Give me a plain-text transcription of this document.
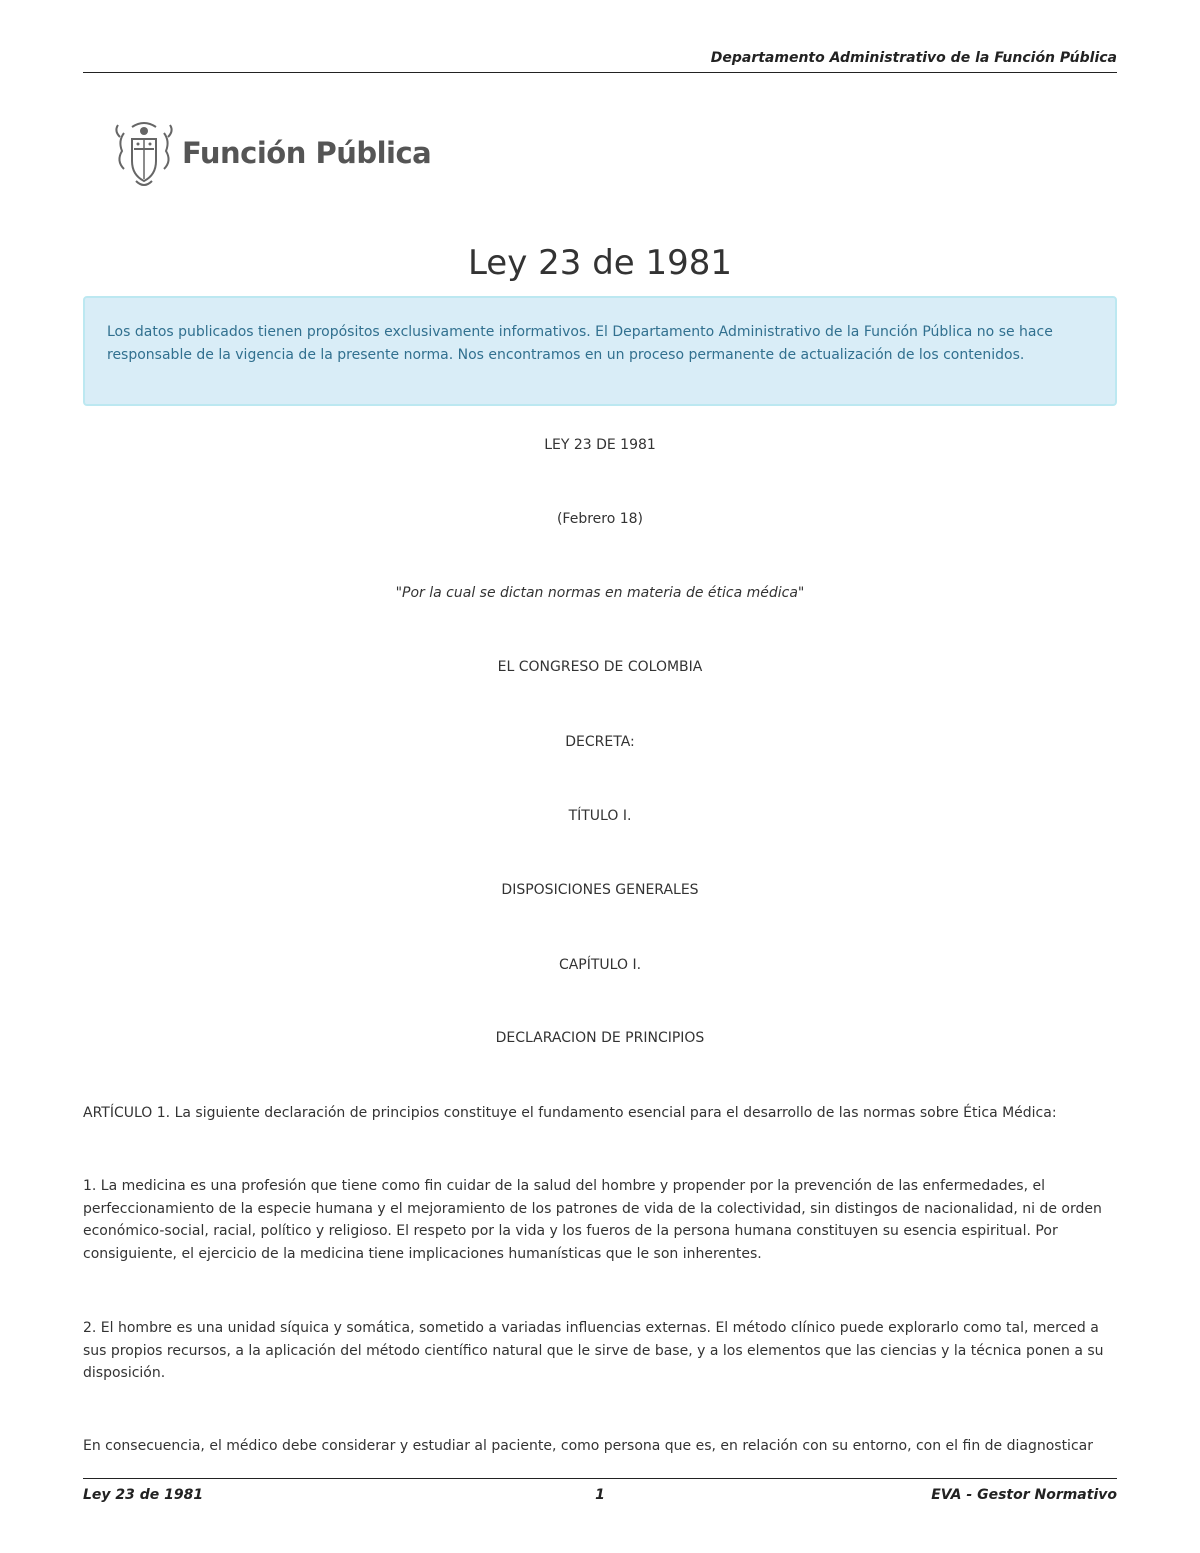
Departamento Administrativo de la Función Pública
Función Pública
Ley 23 de 1981
Los datos publicados tienen propósitos exclusivamente informativos. El Departamento Administrativo de la Función Pública no se hace responsable de la vigencia de la presente norma. Nos encontramos en un proceso permanente de actualización de los contenidos.
LEY 23 DE 1981
(Febrero 18)
"Por la cual se dictan normas en materia de ética médica"
EL CONGRESO DE COLOMBIA
DECRETA:
TÍTULO I.
DISPOSICIONES GENERALES
CAPÍTULO I.
DECLARACION DE PRINCIPIOS
ARTÍCULO 1. La siguiente declaración de principios constituye el fundamento esencial para el desarrollo de las normas sobre Ética Médica:
1. La medicina es una profesión que tiene como fin cuidar de la salud del hombre y propender por la prevención de las enfermedades, el perfeccionamiento de la especie humana y el mejoramiento de los patrones de vida de la colectividad, sin distingos de nacionalidad, ni de orden económico-social, racial, político y religioso. El respeto por la vida y los fueros de la persona humana constituyen su esencia espiritual. Por consiguiente, el ejercicio de la medicina tiene implicaciones humanísticas que le son inherentes.
2. El hombre es una unidad síquica y somática, sometido a variadas influencias externas. El método clínico puede explorarlo como tal, merced a sus propios recursos, a la aplicación del método científico natural que le sirve de base, y a los elementos que las ciencias y la técnica ponen a su disposición.
En consecuencia, el médico debe considerar y estudiar al paciente, como persona que es, en relación con su entorno, con el fin de diagnosticar
Ley 23 de 1981	1	EVA - Gestor Normativo
